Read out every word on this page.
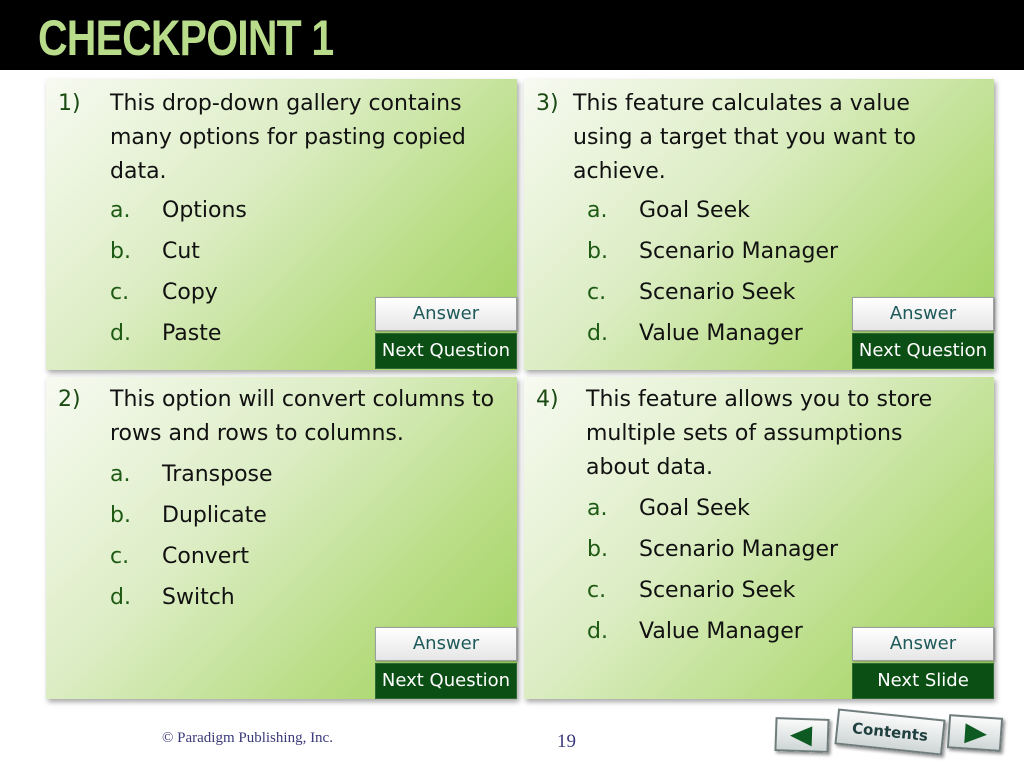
CHECKPOINT 1
1) This drop-down gallery contains many options for pasting copied data.
a. Options
b. Cut
c. Copy
d. Paste
Answer
Next Question
3) This feature calculates a value using a target that you want to achieve.
a. Goal Seek
b. Scenario Manager
c. Scenario Seek
d. Value Manager
Answer
Next Question
2) This option will convert columns to rows and rows to columns.
a. Transpose
b. Duplicate
c. Convert
d. Switch
Answer
Next Question
4) This feature allows you to store multiple sets of assumptions about data.
a. Goal Seek
b. Scenario Manager
c. Scenario Seek
d. Value Manager	Answer
Next Slide
© Paradigm Publishing, Inc.	19	Contents
